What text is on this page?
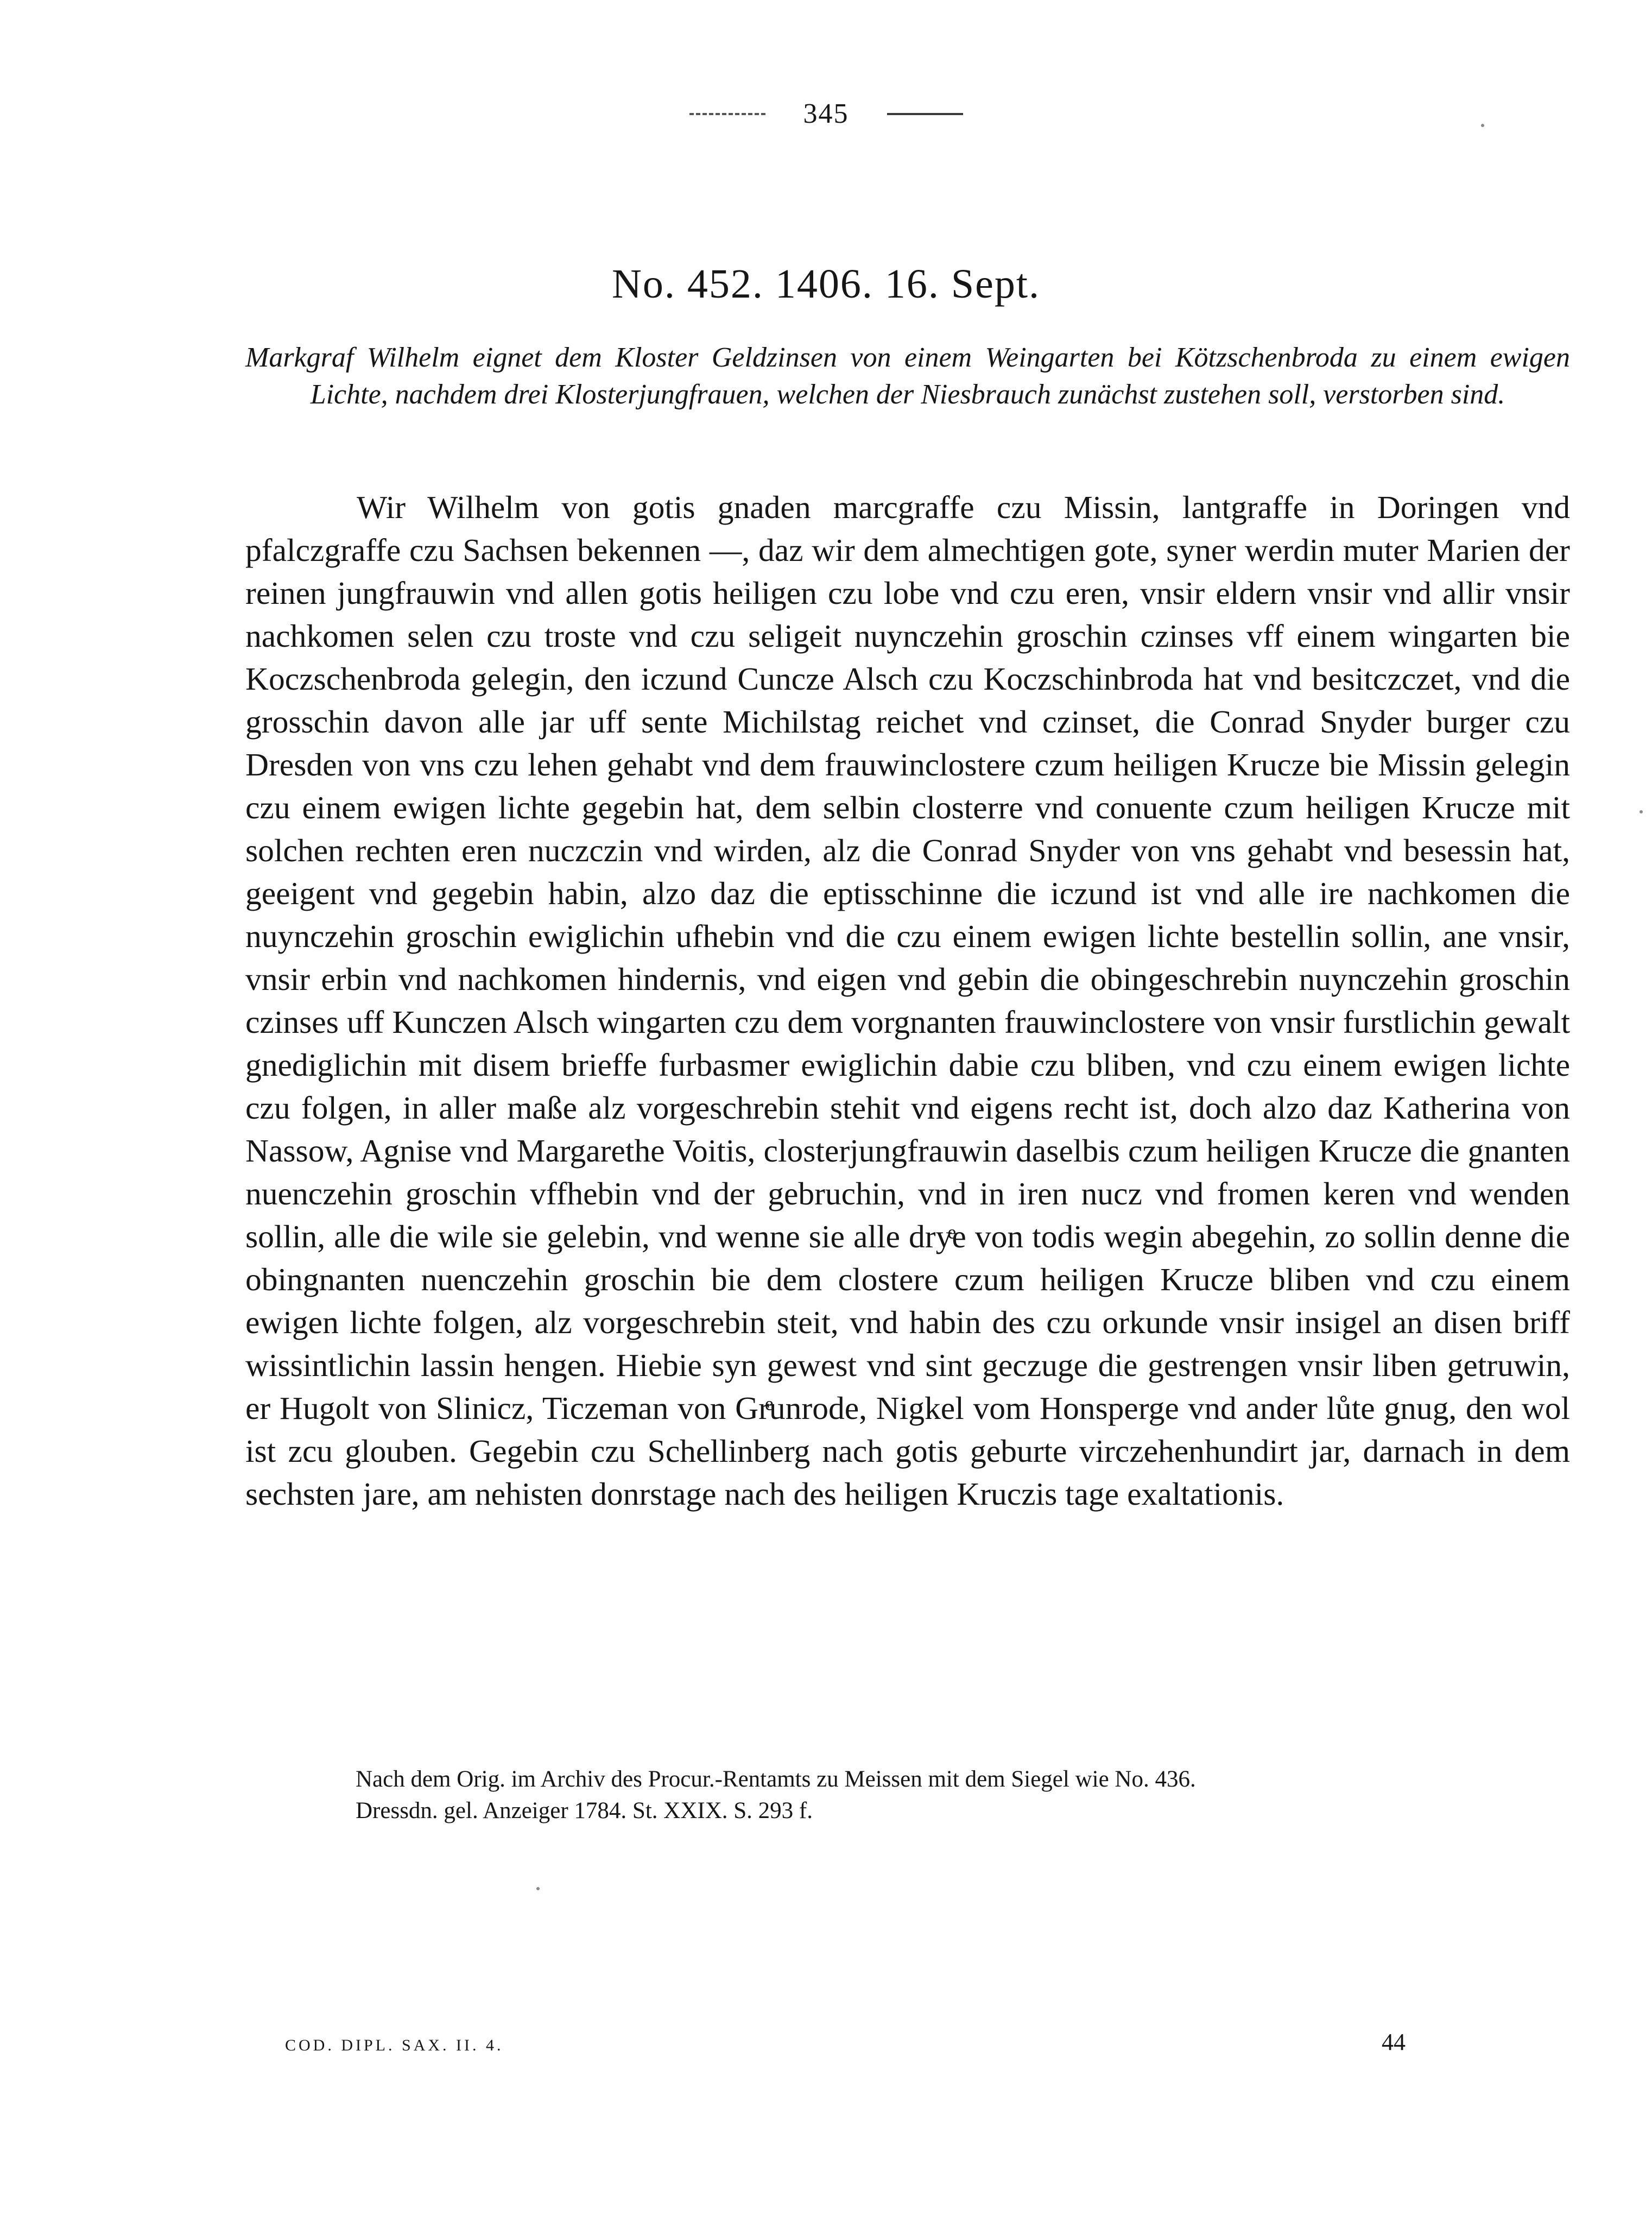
345
No. 452. 1406. 16. Sept.
Markgraf Wilhelm eignet dem Kloster Geldzinsen von einem Weingarten bei Kötzschenbroda zu einem ewigen Lichte, nachdem drei Klosterjungfrauen, welchen der Niesbrauch zunächst zustehen soll, verstorben sind.

Wir Wilhelm von gotis gnaden marcgraffe czu Missin, lantgraffe in Doringen vnd pfalczgraffe czu Sachsen bekennen —, daz wir dem almechtigen gote, syner werdin muter Marien der reinen jungfrauwin vnd allen gotis heiligen czu lobe vnd czu eren, vnsir eldern vnsir vnd allir vnsir nachkomen selen czu troste vnd czu seligeit nuynczehin groschin czinses vff einem wingarten bie Koczschenbroda gelegin, den iczund Cuncze Alsch czu Koczschinbroda hat vnd besitczczet, vnd die grosschin davon alle jar uff sente Michilstag reichet vnd czinset, die Conrad Snyder burger czu Dresden von vns czu lehen gehabt vnd dem frauwinclostere czum heiligen Krucze bie Missin gelegin czu einem ewigen lichte gegebin hat, dem selbin closterre vnd conuente czum heiligen Krucze mit solchen rechten eren nuczczin vnd wirden, alz die Conrad Snyder von vns gehabt vnd besessin hat, geeigent vnd gegebin habin, alzo daz die eptisschinne die iczund ist vnd alle ire nachkomen die nuynczehin groschin ewiglichin ufhebin vnd die czu einem ewigen lichte bestellin sollin, ane vnsir, vnsir erbin vnd nachkomen hindernis, vnd eigen vnd gebin die obingeschrebin nuynczehin groschin czinses uff Kunczen Alsch wingarten czu dem vorgnanten frauwinclostere von vnsir furstlichin gewalt gnediglichin mit disem brieffe furbasmer ewiglichin dabie czu bliben, vnd czu einem ewigen lichte czu folgen, in aller maße alz vorgeschrebin stehit vnd eigens recht ist, doch alzo daz Katherina von Nassow, Agnise vnd Margarethe Voitis, closterjungfrauwin daselbis czum heiligen Krucze die gnanten nuenczehin groschin vffhebin vnd der gebruchin, vnd in iren nucz vnd fromen keren vnd wenden sollin, alle die wile sie gelebin, vnd wenne sie alle dryͤe von todis wegin abegehin, zo sollin denne die obingnanten nuenczehin groschin bie dem clostere czum heiligen Krucze bliben vnd czu einem ewigen lichte folgen, alz vorgeschrebin steit, vnd habin des czu orkunde vnsir insigel an disen briff wissintlichin lassin hengen. Hiebie syn gewest vnd sint geczuge die gestrengen vnsir liben getruwin, er Hugolt von Slinicz, Ticzeman von Grͤunrode, Nigkel vom Honsperge vnd ander lůte gnug, den wol ist zcu glouben. Gegebin czu Schellinberg nach gotis geburte virczehenhundirt jar, darnach in dem sechsten jare, am nehisten donrstage nach des heiligen Kruczis tage exaltationis.

Nach dem Orig. im Archiv des Procur.-Rentamts zu Meissen mit dem Siegel wie No. 436.
Dressdn. gel. Anzeiger 1784. St. XXIX. S. 293 f.
COD. DIPL. SAX. II. 4.	44
